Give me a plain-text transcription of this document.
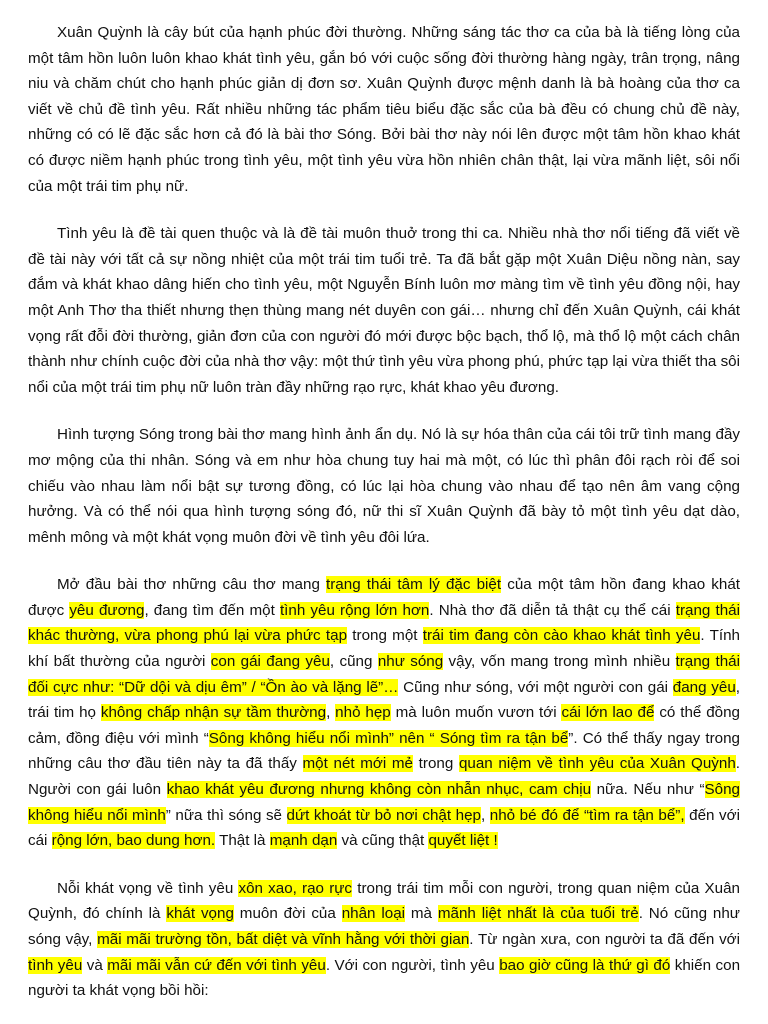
Xuân Quỳnh là cây bút của hạnh phúc đời thường. Những sáng tác thơ ca của bà là tiếng lòng của một tâm hồn luôn luôn khao khát tình yêu, gắn bó với cuộc sống đời thường hàng ngày, trân trọng, nâng niu và chăm chút cho hạnh phúc giản dị đơn sơ. Xuân Quỳnh được mệnh danh là bà hoàng của thơ ca viết về chủ đề tình yêu. Rất nhiều những tác phẩm tiêu biểu đặc sắc của bà đều có chung chủ đề này, những có có lẽ đặc sắc hơn cả đó là bài thơ Sóng. Bởi bài thơ này nói lên được một tâm hồn khao khát có được niềm hạnh phúc trong tình yêu, một tình yêu vừa hồn nhiên chân thật, lại vừa mãnh liệt, sôi nổi của một trái tim phụ nữ.

Tình yêu là đề tài quen thuộc và là đề tài muôn thuở trong thi ca. Nhiều nhà thơ nổi tiếng đã viết về đề tài này với tất cả sự nồng nhiệt của một trái tim tuổi trẻ. Ta đã bắt gặp một Xuân Diệu nồng nàn, say đắm và khát khao dâng hiến cho tình yêu, một Nguyễn Bính luôn mơ màng tìm về tình yêu đồng nội, hay một Anh Thơ tha thiết nhưng thẹn thùng mang nét duyên con gái… nhưng chỉ đến Xuân Quỳnh, cái khát vọng rất đỗi đời thường, giản đơn của con người đó mới được bộc bạch, thổ lộ, mà thổ lộ một cách chân thành như chính cuộc đời của nhà thơ vậy: một thứ tình yêu vừa phong phú, phức tạp lại vừa thiết tha sôi nổi của một trái tim phụ nữ luôn tràn đầy những rạo rực, khát khao yêu đương.

Hình tượng Sóng trong bài thơ mang hình ảnh ẩn dụ. Nó là sự hóa thân của cái tôi trữ tình mang đầy mơ mộng của thi nhân. Sóng và em như hòa chung tuy hai mà một, có lúc thì phân đôi rạch ròi để soi chiếu vào nhau làm nổi bật sự tương đồng, có lúc lại hòa chung vào nhau để tạo nên âm vang cộng hưởng. Và có thể nói qua hình tượng sóng đó, nữ thi sĩ Xuân Quỳnh đã bày tỏ một tình yêu dạt dào, mênh mông và một khát vọng muôn đời về tình yêu đôi lứa.

Mở đầu bài thơ những câu thơ mang trạng thái tâm lý đặc biệt của một tâm hồn đang khao khát được yêu đương, đang tìm đến một tình yêu rộng lớn hơn. Nhà thơ đã diễn tả thật cụ thể cái trạng thái khác thường, vừa phong phú lại vừa phức tạp trong một trái tim đang còn cào khao khát tình yêu. Tính khí bất thường của người con gái đang yêu, cũng như sóng vậy, vốn mang trong mình nhiều trạng thái đối cực như: “Dữ dội và dịu êm” / “Ồn ào và lặng lẽ”… Cũng như sóng, với một người con gái đang yêu, trái tim họ không chấp nhận sự tầm thường, nhỏ hẹp mà luôn muốn vươn tới cái lớn lao để có thể đồng cảm, đồng điệu với mình “Sông không hiểu nổi mình” nên “ Sóng tìm ra tận bể”. Có thể thấy ngay trong những câu thơ đầu tiên này ta đã thấy một nét mới mẻ trong quan niệm về tình yêu của Xuân Quỳnh. Người con gái luôn khao khát yêu đương nhưng không còn nhẫn nhục, cam chịu nữa. Nếu như “Sông không hiểu nổi mình” nữa thì sóng sẽ dứt khoát từ bỏ nơi chật hẹp, nhỏ bé đó để “tìm ra tận bể”, đến với cái rộng lớn, bao dung hơn. Thật là mạnh dạn và cũng thật quyết liệt !

Nỗi khát vọng về tình yêu xôn xao, rạo rực trong trái tim mỗi con người, trong quan niệm của Xuân Quỳnh, đó chính là khát vọng muôn đời của nhân loại mà mãnh liệt nhất là của tuổi trẻ. Nó cũng như sóng vậy, mãi mãi trường tồn, bất diệt và vĩnh hằng với thời gian. Từ ngàn xưa, con người ta đã đến với tình yêu và mãi mãi vẫn cứ đến với tình yêu. Với con người, tình yêu bao giờ cũng là thứ gì đó khiến con người ta khát vọng bồi hồi:
